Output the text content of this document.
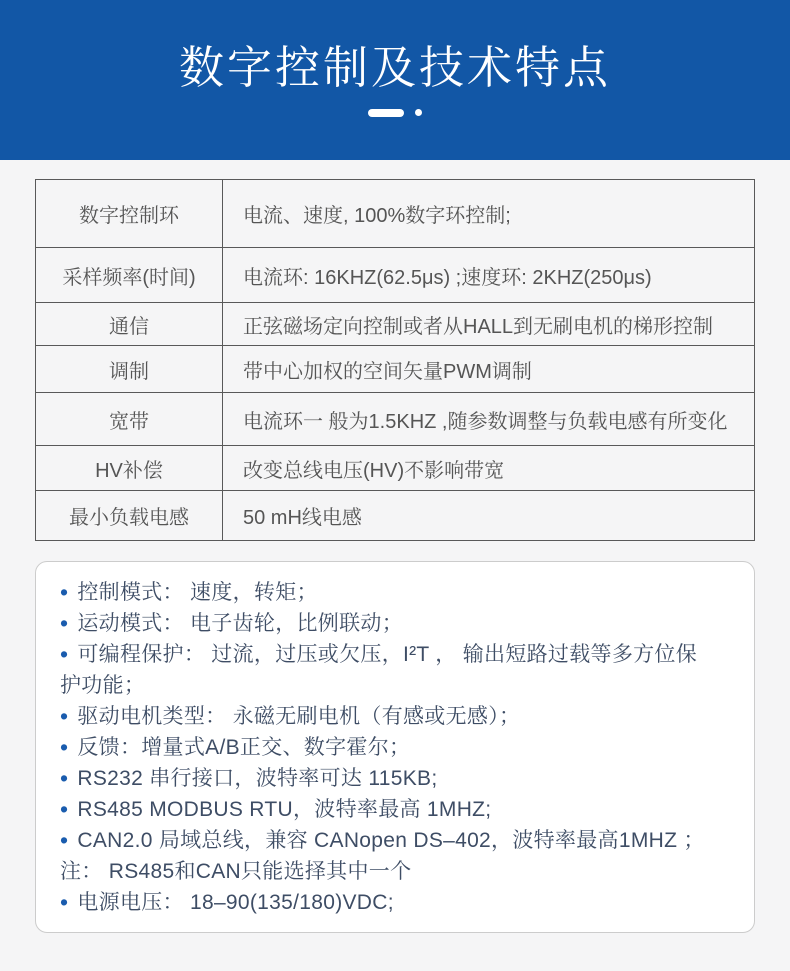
数字控制及技术特点
数字控制环	电流、速度, 100%数字环控制;
采样频率(时间)	电流环: 16KHZ(62.5μs) ;速度环: 2KHZ(250μs)
通信	正弦磁场定向控制或者从HALL到无刷电机的梯形控制
调制	带中心加权的空间矢量PWM调制
宽带	电流环一 般为1.5KHZ ,随参数调整与负载电感有所变化
HV补偿	改变总线电压(HV)不影响带宽
最小负载电感	50 mH线电感

• 控制模式： 速度，转矩；

• 运动模式： 电子齿轮，比例联动；

• 可编程保护： 过流，过压或欠压，I²T ， 输出短路过载等多方位保护功能；

• 驱动电机类型： 永磁无刷电机（有感或无感）；

• 反馈：增量式A/B正交、数字霍尔；

• RS232 串行接口，波特率可达 115KB;

• RS485 MODBUS RTU，波特率最高 1MHZ;

• CAN2.0 局域总线，兼容 CANopen DS–402，波特率最高1MHZ ；

注： RS485和CAN只能选择其中一个

• 电源电压： 18–90(135/180)VDC;
